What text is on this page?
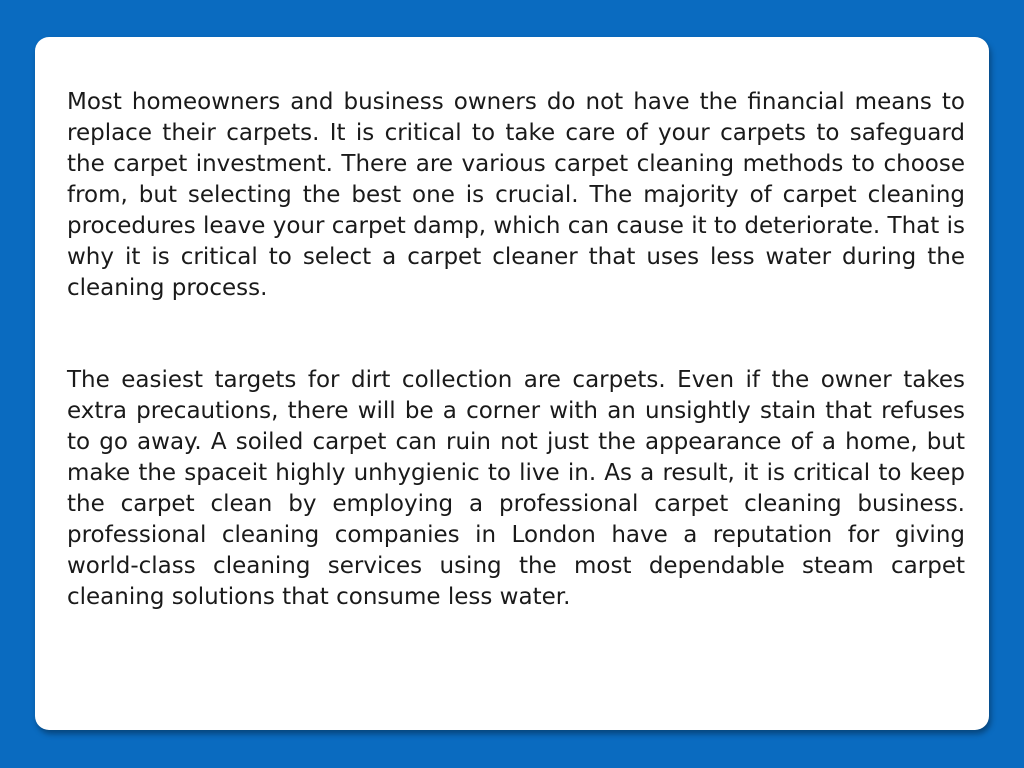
Most homeowners and business owners do not have the financial means to replace their carpets. It is critical to take care of your carpets to safeguard the carpet investment. There are various carpet cleaning methods to choose from, but selecting the best one is crucial. The majority of carpet cleaning procedures leave your carpet damp, which can cause it to deteriorate. That is why it is critical to select a carpet cleaner that uses less water during the cleaning process.

The easiest targets for dirt collection are carpets. Even if the owner takes extra precautions, there will be a corner with an unsightly stain that refuses to go away. A soiled carpet can ruin not just the appearance of a home, but make the spaceit highly unhygienic to live in. As a result, it is critical to keep the carpet clean by employing a professional carpet cleaning business. professional cleaning companies in London have a reputation for giving world-class cleaning services using the most dependable steam carpet cleaning solutions that consume less water.
